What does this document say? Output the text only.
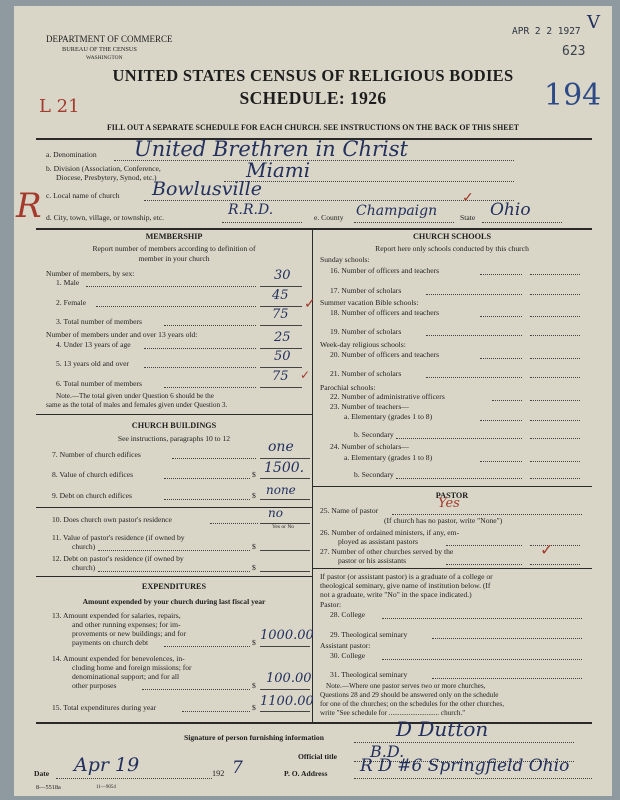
DEPARTMENT OF COMMERCE
BUREAU OF THE CENSUS
WASHINGTON
APR 2 2 1927
623
V
194
L 21
R
UNITED STATES CENSUS OF RELIGIOUS BODIES
SCHEDULE: 1926
FILL OUT A SEPARATE SCHEDULE FOR EACH CHURCH. SEE INSTRUCTIONS ON THE BACK OF THIS SHEET
a. Denomination United Brethren in Christ
b. Division (Association, Conference,
Diocese, Presbytery, Synod, etc.)	Miami
c. Local name of church Bowlusville
d. City, town, village, or township, etc.	R.R.D.	e. County Champaign	State Ohio
✓
MEMBERSHIP
Report number of members according to definition of
member in your church
Number of members, by sex:
1. Male	30
2. Female	45
3. Total number of members	75
✓
Number of members under and over 13 years old:
4. Under 13 years of age	25
5. 13 years old and over	50
6. Total number of members	75 ✓
Note.—The total given under Question 6 should be the
same as the total of males and females given under Question 3.
CHURCH BUILDINGS
See instructions, paragraphs 10 to 12
7. Number of church edifices	one
8. Value of church edifices	$ 1500.
9. Debt on church edifices	$ none
10. Does church own pastor's residence	no
Yes or No
11. Value of pastor's residence (if owned by
church)	$
12. Debt on pastor's residence (if owned by
church)	$
EXPENDITURES
Amount expended by your church during last fiscal year
13. Amount expended for salaries, repairs,
and other running expenses; for im-
provements or new buildings; and for
payments on church debt	$ 1000.00
14. Amount expended for benevolences, in-
cluding home and foreign missions; for
denominational support; and for all
other purposes	$ 100.00
15. Total expenditures during year	$ 1100.00
CHURCH SCHOOLS
Report here only schools conducted by this church
Sunday schools:
16. Number of officers and teachers
17. Number of scholars
Summer vacation Bible schools:
18. Number of officers and teachers
19. Number of scholars
Week-day religious schools:
20. Number of officers and teachers
21. Number of scholars
Parochial schools:
22. Number of administrative officers
23. Number of teachers—
a. Elementary (grades 1 to 8)
b. Secondary
24. Number of scholars—
a. Elementary (grades 1 to 8)
b. Secondary
PASTOR
25. Name of pastor	Yes
(If church has no pastor, write "None")
26. Number of ordained ministers, if any, em-
ployed as assistant pastors
27. Number of other churches served by the
pastor or his assistants
✓
If pastor (or assistant pastor) is a graduate of a college or
theological seminary, give name of institution below. (If
not a graduate, write "No" in the space indicated.)
Pastor:
28. College
29. Theological seminary
Assistant pastor:
30. College
31. Theological seminary
Note.—Where one pastor serves two or more churches,
Questions 28 and 29 should be answered only on the schedule
for one of the churches; on the schedules for the other churches,
write "See schedule for ............................ church."
Signature of person furnishing information	D Dutton
Official title B.D.
Date Apr 19	192 7
8—5518a	11—9054
P. O. Address R D #6 Springfield Ohio
